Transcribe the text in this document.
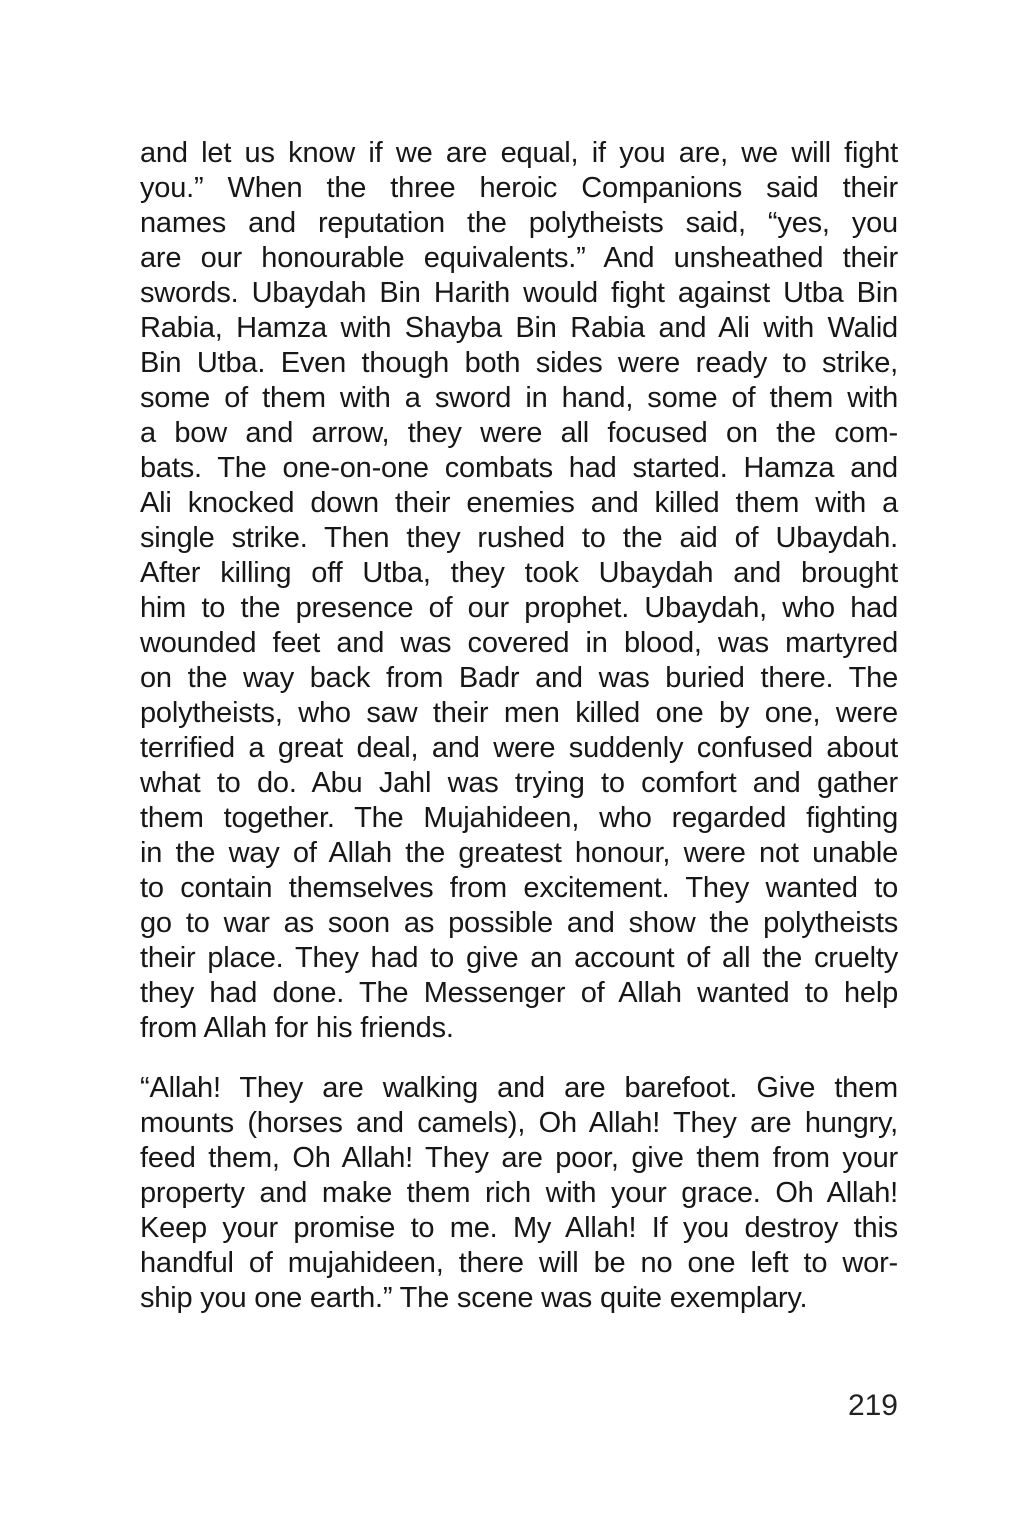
and let us know if we are equal, if you are, we will fight
you.” When the three heroic Companions said their
names and reputation the polytheists said, “yes, you
are our honourable equivalents.” And unsheathed their
swords. Ubaydah Bin Harith would fight against Utba Bin
Rabia, Hamza with Shayba Bin Rabia and Ali with Walid
Bin Utba. Even though both sides were ready to strike,
some of them with a sword in hand, some of them with
a bow and arrow, they were all focused on the com-
bats. The one-on-one combats had started. Hamza and
Ali knocked down their enemies and killed them with a
single strike. Then they rushed to the aid of Ubaydah.
After killing off Utba, they took Ubaydah and brought
him to the presence of our prophet. Ubaydah, who had
wounded feet and was covered in blood, was martyred
on the way back from Badr and was buried there. The
polytheists, who saw their men killed one by one, were
terrified a great deal, and were suddenly confused about
what to do. Abu Jahl was trying to comfort and gather
them together. The Mujahideen, who regarded fighting
in the way of Allah the greatest honour, were not unable
to contain themselves from excitement. They wanted to
go to war as soon as possible and show the polytheists
their place. They had to give an account of all the cruelty
they had done. The Messenger of Allah wanted to help
from Allah for his friends.
“Allah! They are walking and are barefoot. Give them
mounts (horses and camels), Oh Allah! They are hungry,
feed them, Oh Allah! They are poor, give them from your
property and make them rich with your grace. Oh Allah!
Keep your promise to me. My Allah! If you destroy this
handful of mujahideen, there will be no one left to wor-
ship you one earth.” The scene was quite exemplary.
219
